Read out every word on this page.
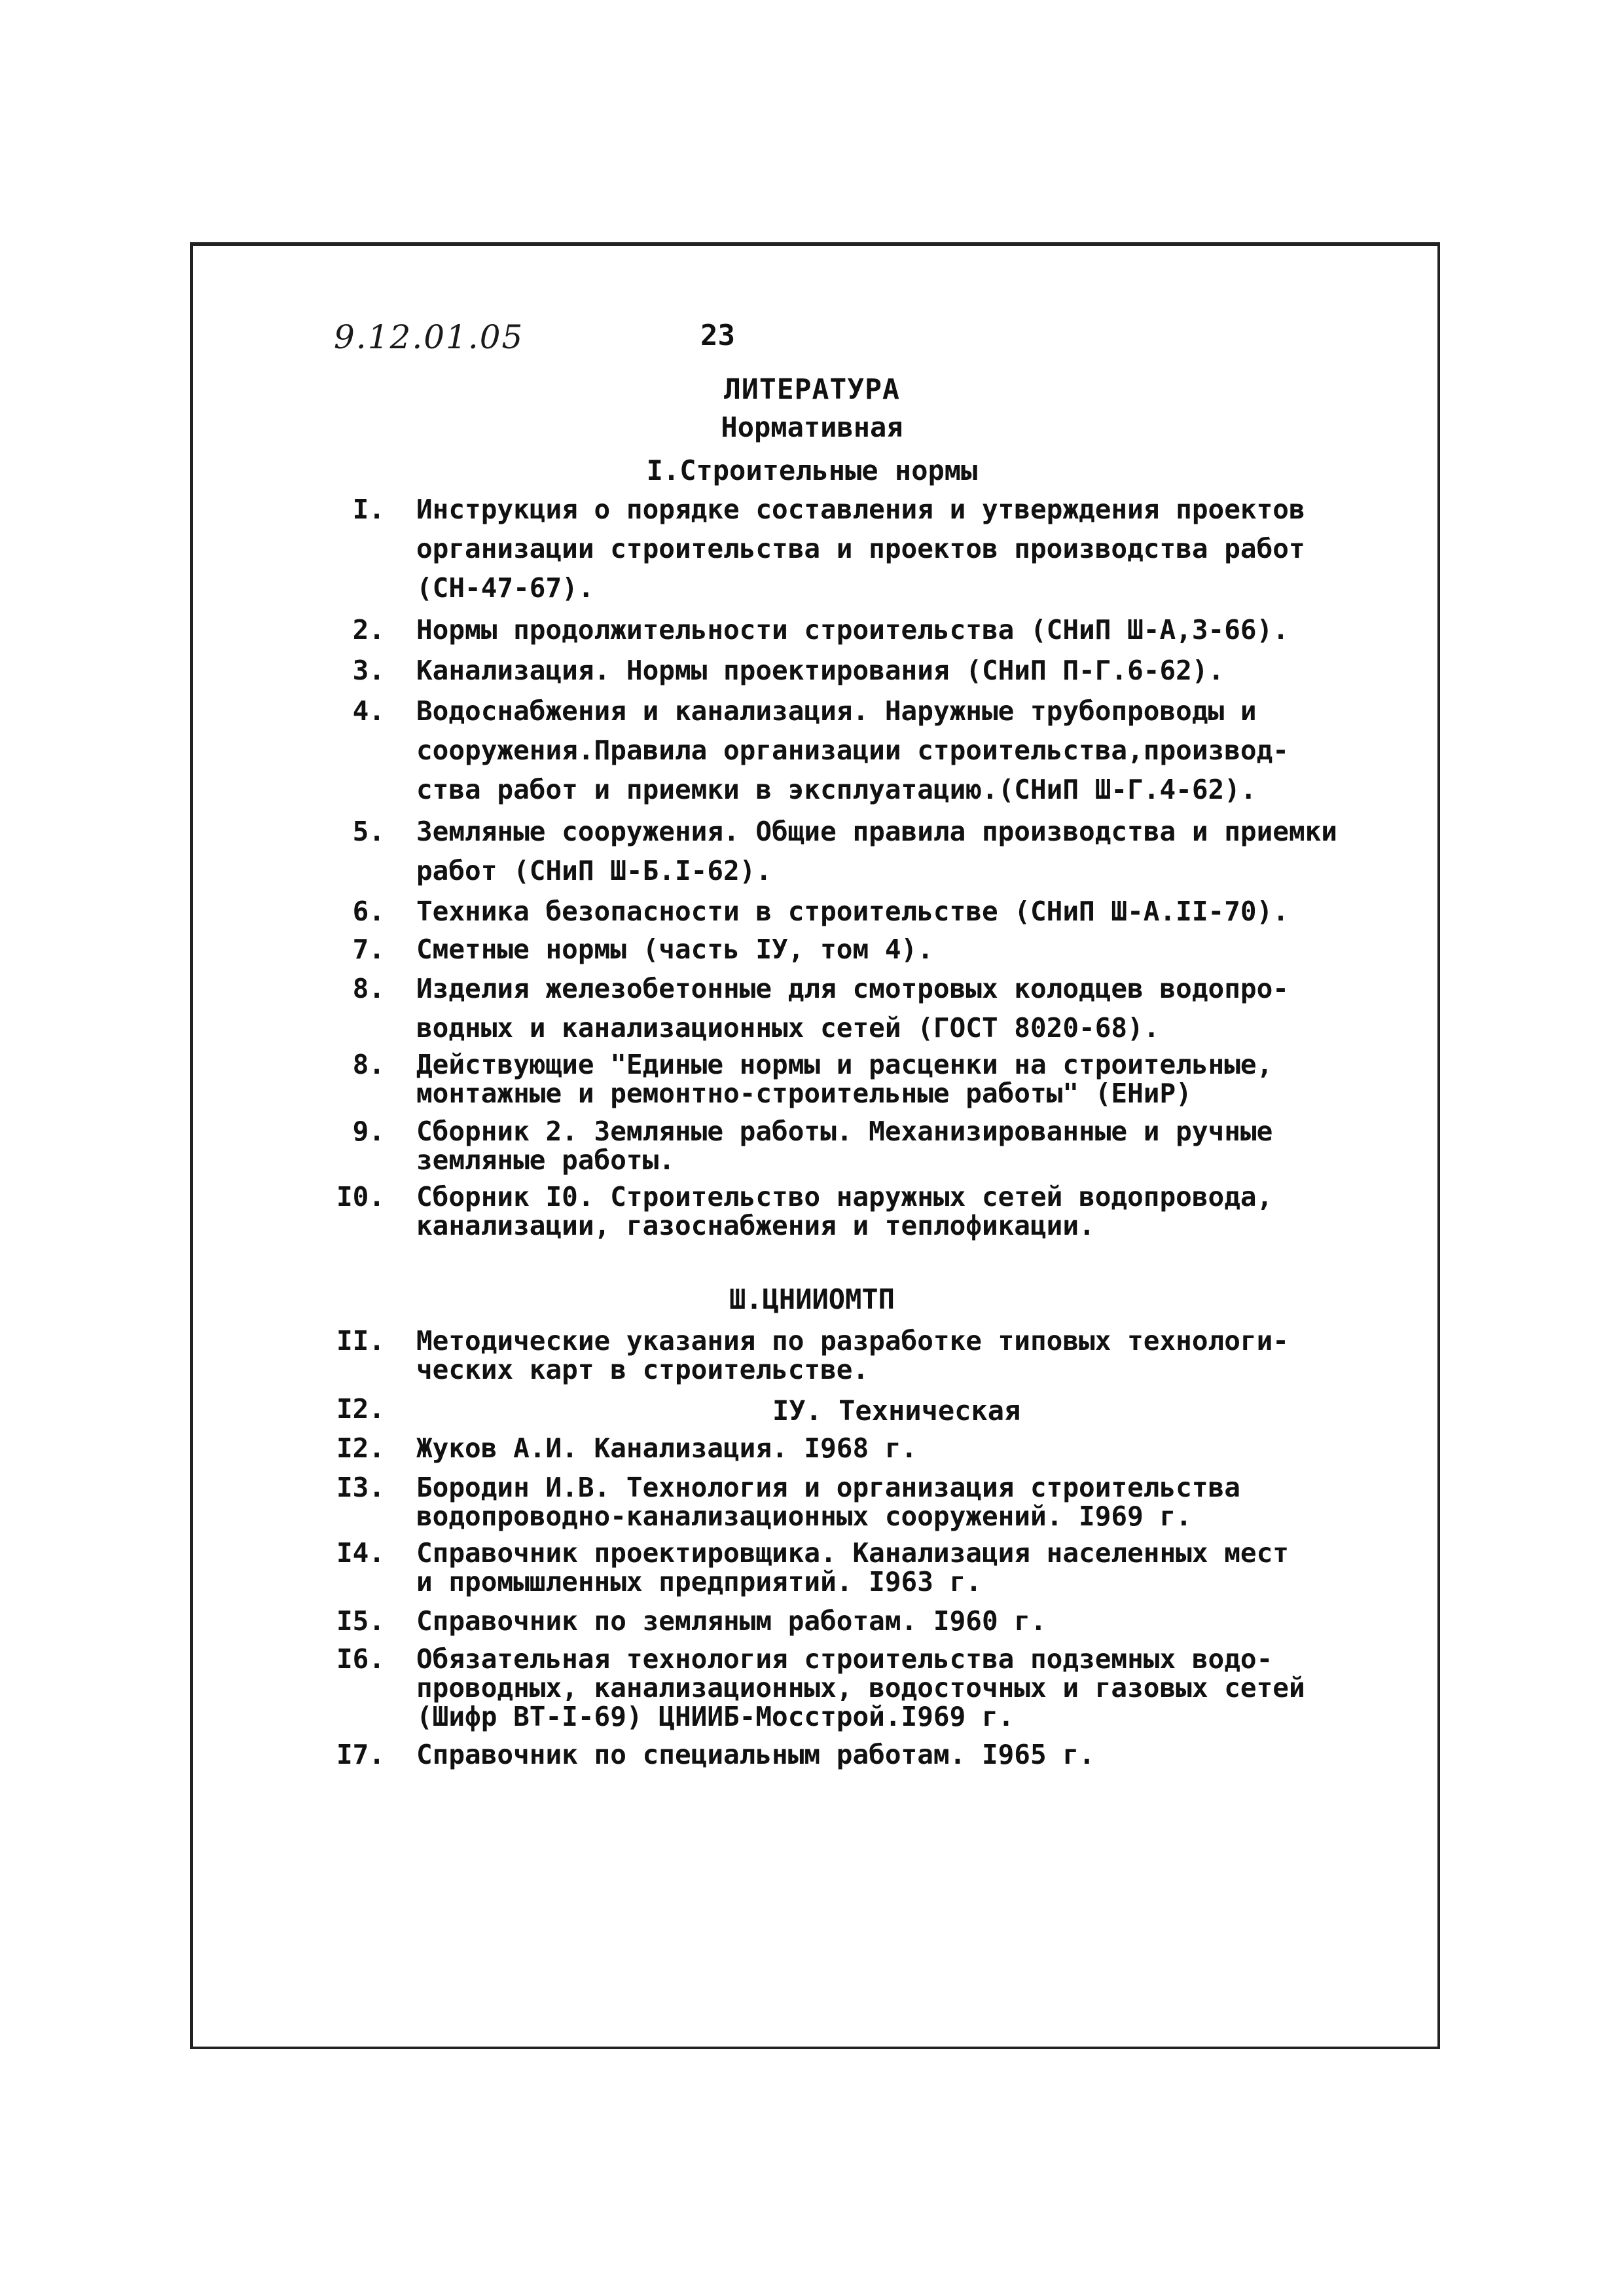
9.12.01.05	23
ЛИТЕРАТУРА
Нормативная
I.Строительные нормы
I. Инструкция о порядке составления и утверждения проектов
организации строительства и проектов производства работ
(СН-47-67).
2. Нормы продолжительности строительства (СНиП Ш-А,3-66).
3. Канализация. Нормы проектирования (СНиП П-Г.6-62).
4. Водоснабжения и канализация. Наружные трубопроводы и
сооружения.Правила организации строительства,производ-
ства работ и приемки в эксплуатацию.(СНиП Ш-Г.4-62).
5. Земляные сооружения. Общие правила производства и приемки
работ (СНиП Ш-Б.I-62).
6. Техника безопасности в строительстве (СНиП Ш-А.II-70).
7. Сметные нормы (часть IУ, том 4).
8. Изделия железобетонные для смотровых колодцев водопро-
водных и канализационных сетей (ГОСТ 8020-68).
8. Действующие "Единые нормы и расценки на строительные,
монтажные и ремонтно-строительные работы" (ЕНиР)
9. Сборник 2. Земляные работы. Механизированные и ручные
земляные работы.
I0. Сборник I0. Строительство наружных сетей водопровода,
канализации, газоснабжения и теплофикации.
Ш.ЦНИИОМТП
II. Методические указания по разработке типовых технологи-
ческих карт в строительстве.
I2.	IУ. Техническая
I2. Жуков А.И. Канализация. I968 г.
I3. Бородин И.В. Технология и организация строительства
водопроводно-канализационных сооружений. I969 г.
I4. Справочник проектировщика. Канализация населенных мест
и промышленных предприятий. I963 г.
I5. Справочник по земляным работам. I960 г.
I6. Обязательная технология строительства подземных водо-
проводных, канализационных, водосточных и газовых сетей
(Шифр ВТ-I-69) ЦНИИБ-Мосстрой.I969 г.
I7. Справочник по специальным работам. I965 г.
